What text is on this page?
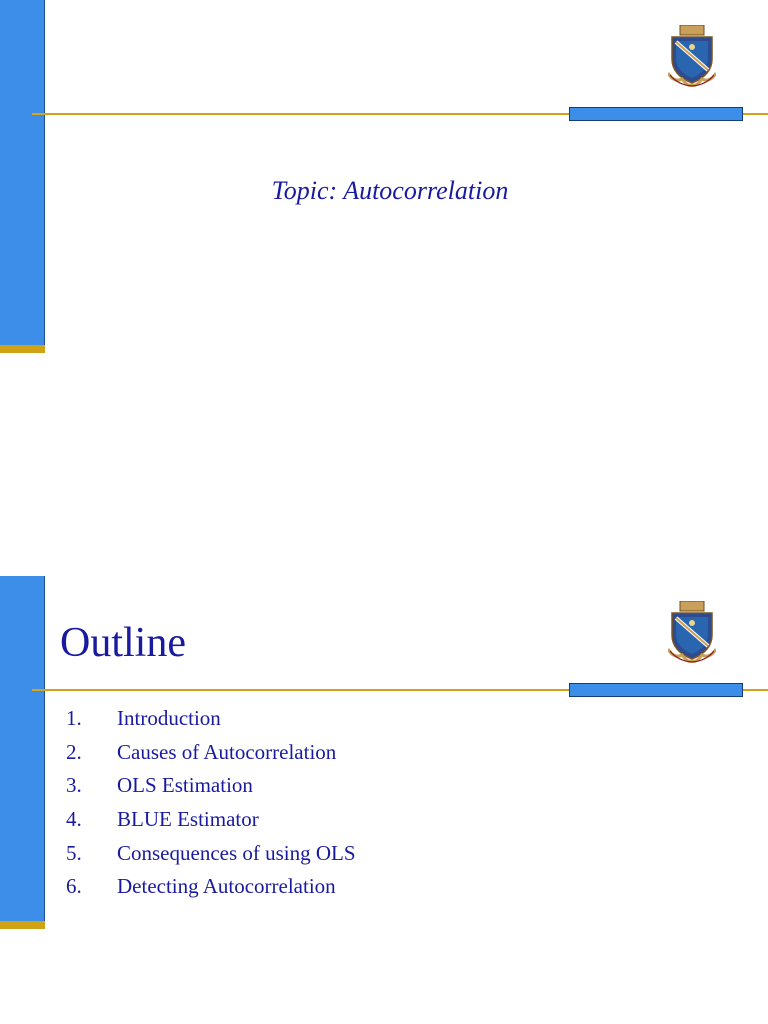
Topic: Autocorrelation
Outline
1.	Introduction
2.	Causes of Autocorrelation
3.	OLS Estimation
4.	BLUE Estimator
5.	Consequences of using OLS
6.	Detecting Autocorrelation
